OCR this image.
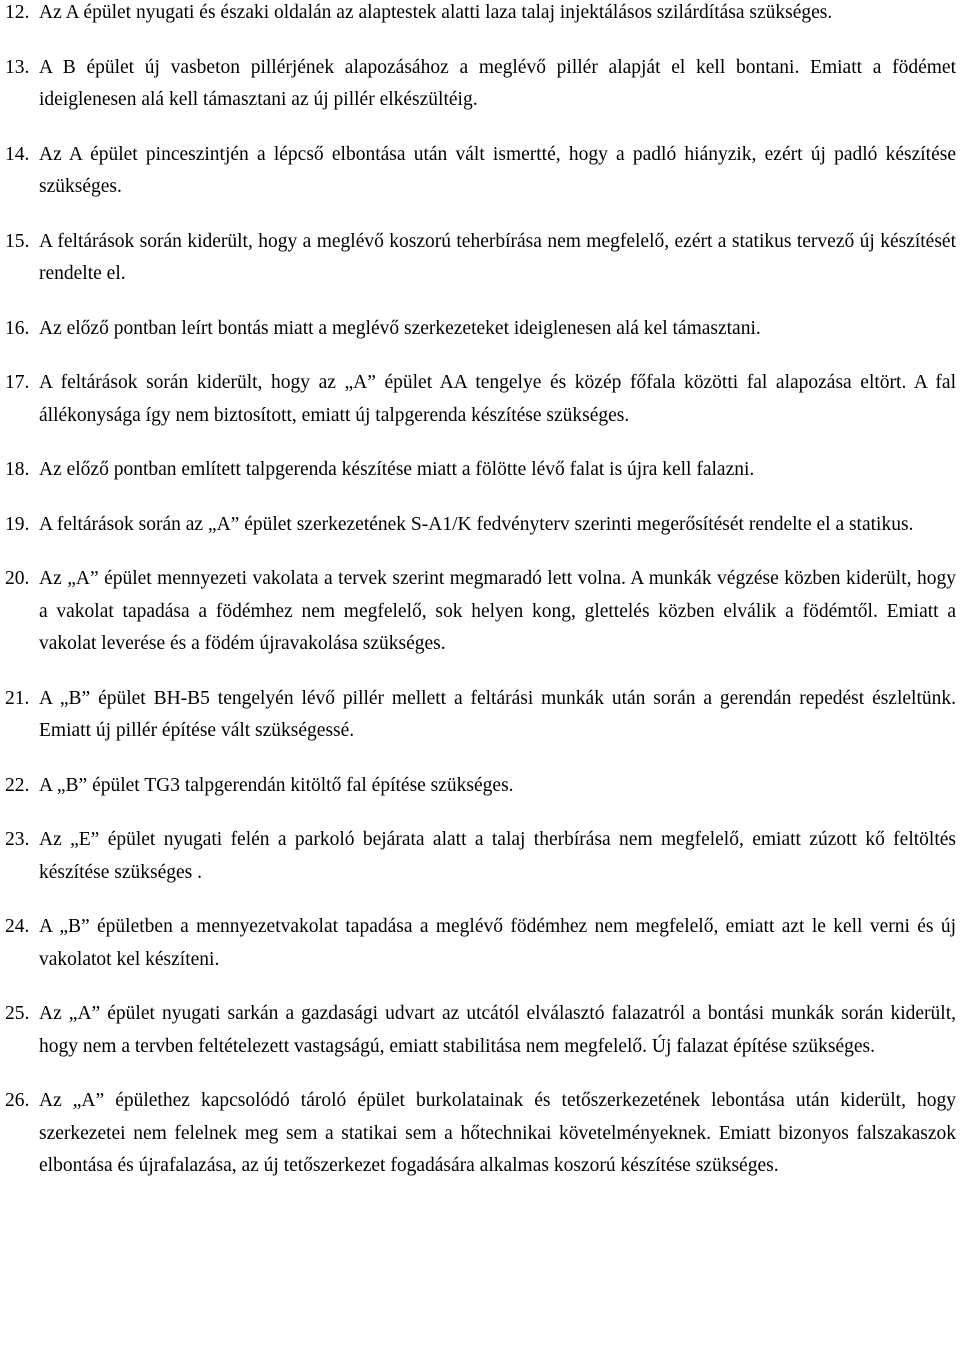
12. Az A épület nyugati és északi oldalán az alaptestek alatti laza talaj injektálásos szilárdítása szükséges.
13. A B épület új vasbeton pillérjének alapozásához a meglévő pillér alapját el kell bontani. Emiatt a födémet ideiglenesen alá kell támasztani az új pillér elkészültéig.
14. Az A épület pinceszintjén a lépcső elbontása után vált ismertté, hogy a padló hiányzik, ezért új padló készítése szükséges.
15. A feltárások során kiderült, hogy a meglévő koszorú teherbírása nem megfelelő, ezért a statikus tervező új készítését rendelte el.
16. Az előző pontban leírt bontás miatt a meglévő szerkezeteket ideiglenesen alá kel támasztani.
17. A feltárások során kiderült, hogy az „A” épület AA tengelye és közép főfala közötti fal alapozása eltört. A fal állékonysága így nem biztosított, emiatt új talpgerenda készítése szükséges.
18. Az előző pontban említett talpgerenda készítése miatt a fölötte lévő falat is újra kell falazni.
19. A feltárások során az „A” épület szerkezetének S-A1/K fedvényterv szerinti megerősítését rendelte el a statikus.
20. Az „A” épület mennyezeti vakolata a tervek szerint megmaradó lett volna. A munkák végzése közben kiderült, hogy a vakolat tapadása a födémhez nem megfelelő, sok helyen kong, glettelés közben elválik a födémtől. Emiatt a vakolat leverése és a födém újravakolása szükséges.
21. A „B” épület BH-B5 tengelyén lévő pillér mellett a feltárási munkák után során a gerendán repedést észleltünk. Emiatt új pillér építése vált szükségessé.
22. A „B” épület TG3 talpgerendán kitöltő fal építése szükséges.
23. Az „E” épület nyugati felén a parkoló bejárata alatt a talaj therbírása nem megfelelő, emiatt zúzott kő feltöltés készítése szükséges .
24. A „B” épületben a mennyezetvakolat tapadása a meglévő födémhez nem megfelelő, emiatt azt le kell verni és új vakolatot kel készíteni.
25. Az „A” épület nyugati sarkán a gazdasági udvart az utcától elválasztó falazatról a bontási munkák során kiderült, hogy nem a tervben feltételezett vastagságú, emiatt stabilitása nem megfelelő. Új falazat építése szükséges.
26. Az „A” épülethez kapcsolódó tároló épület burkolatainak és tetőszerkezetének lebontása után kiderült, hogy szerkezetei nem felelnek meg sem a statikai sem a hőtechnikai követelményeknek. Emiatt bizonyos falszakaszok elbontása és újrafalazása, az új tetőszerkezet fogadására alkalmas koszorú készítése szükséges.
